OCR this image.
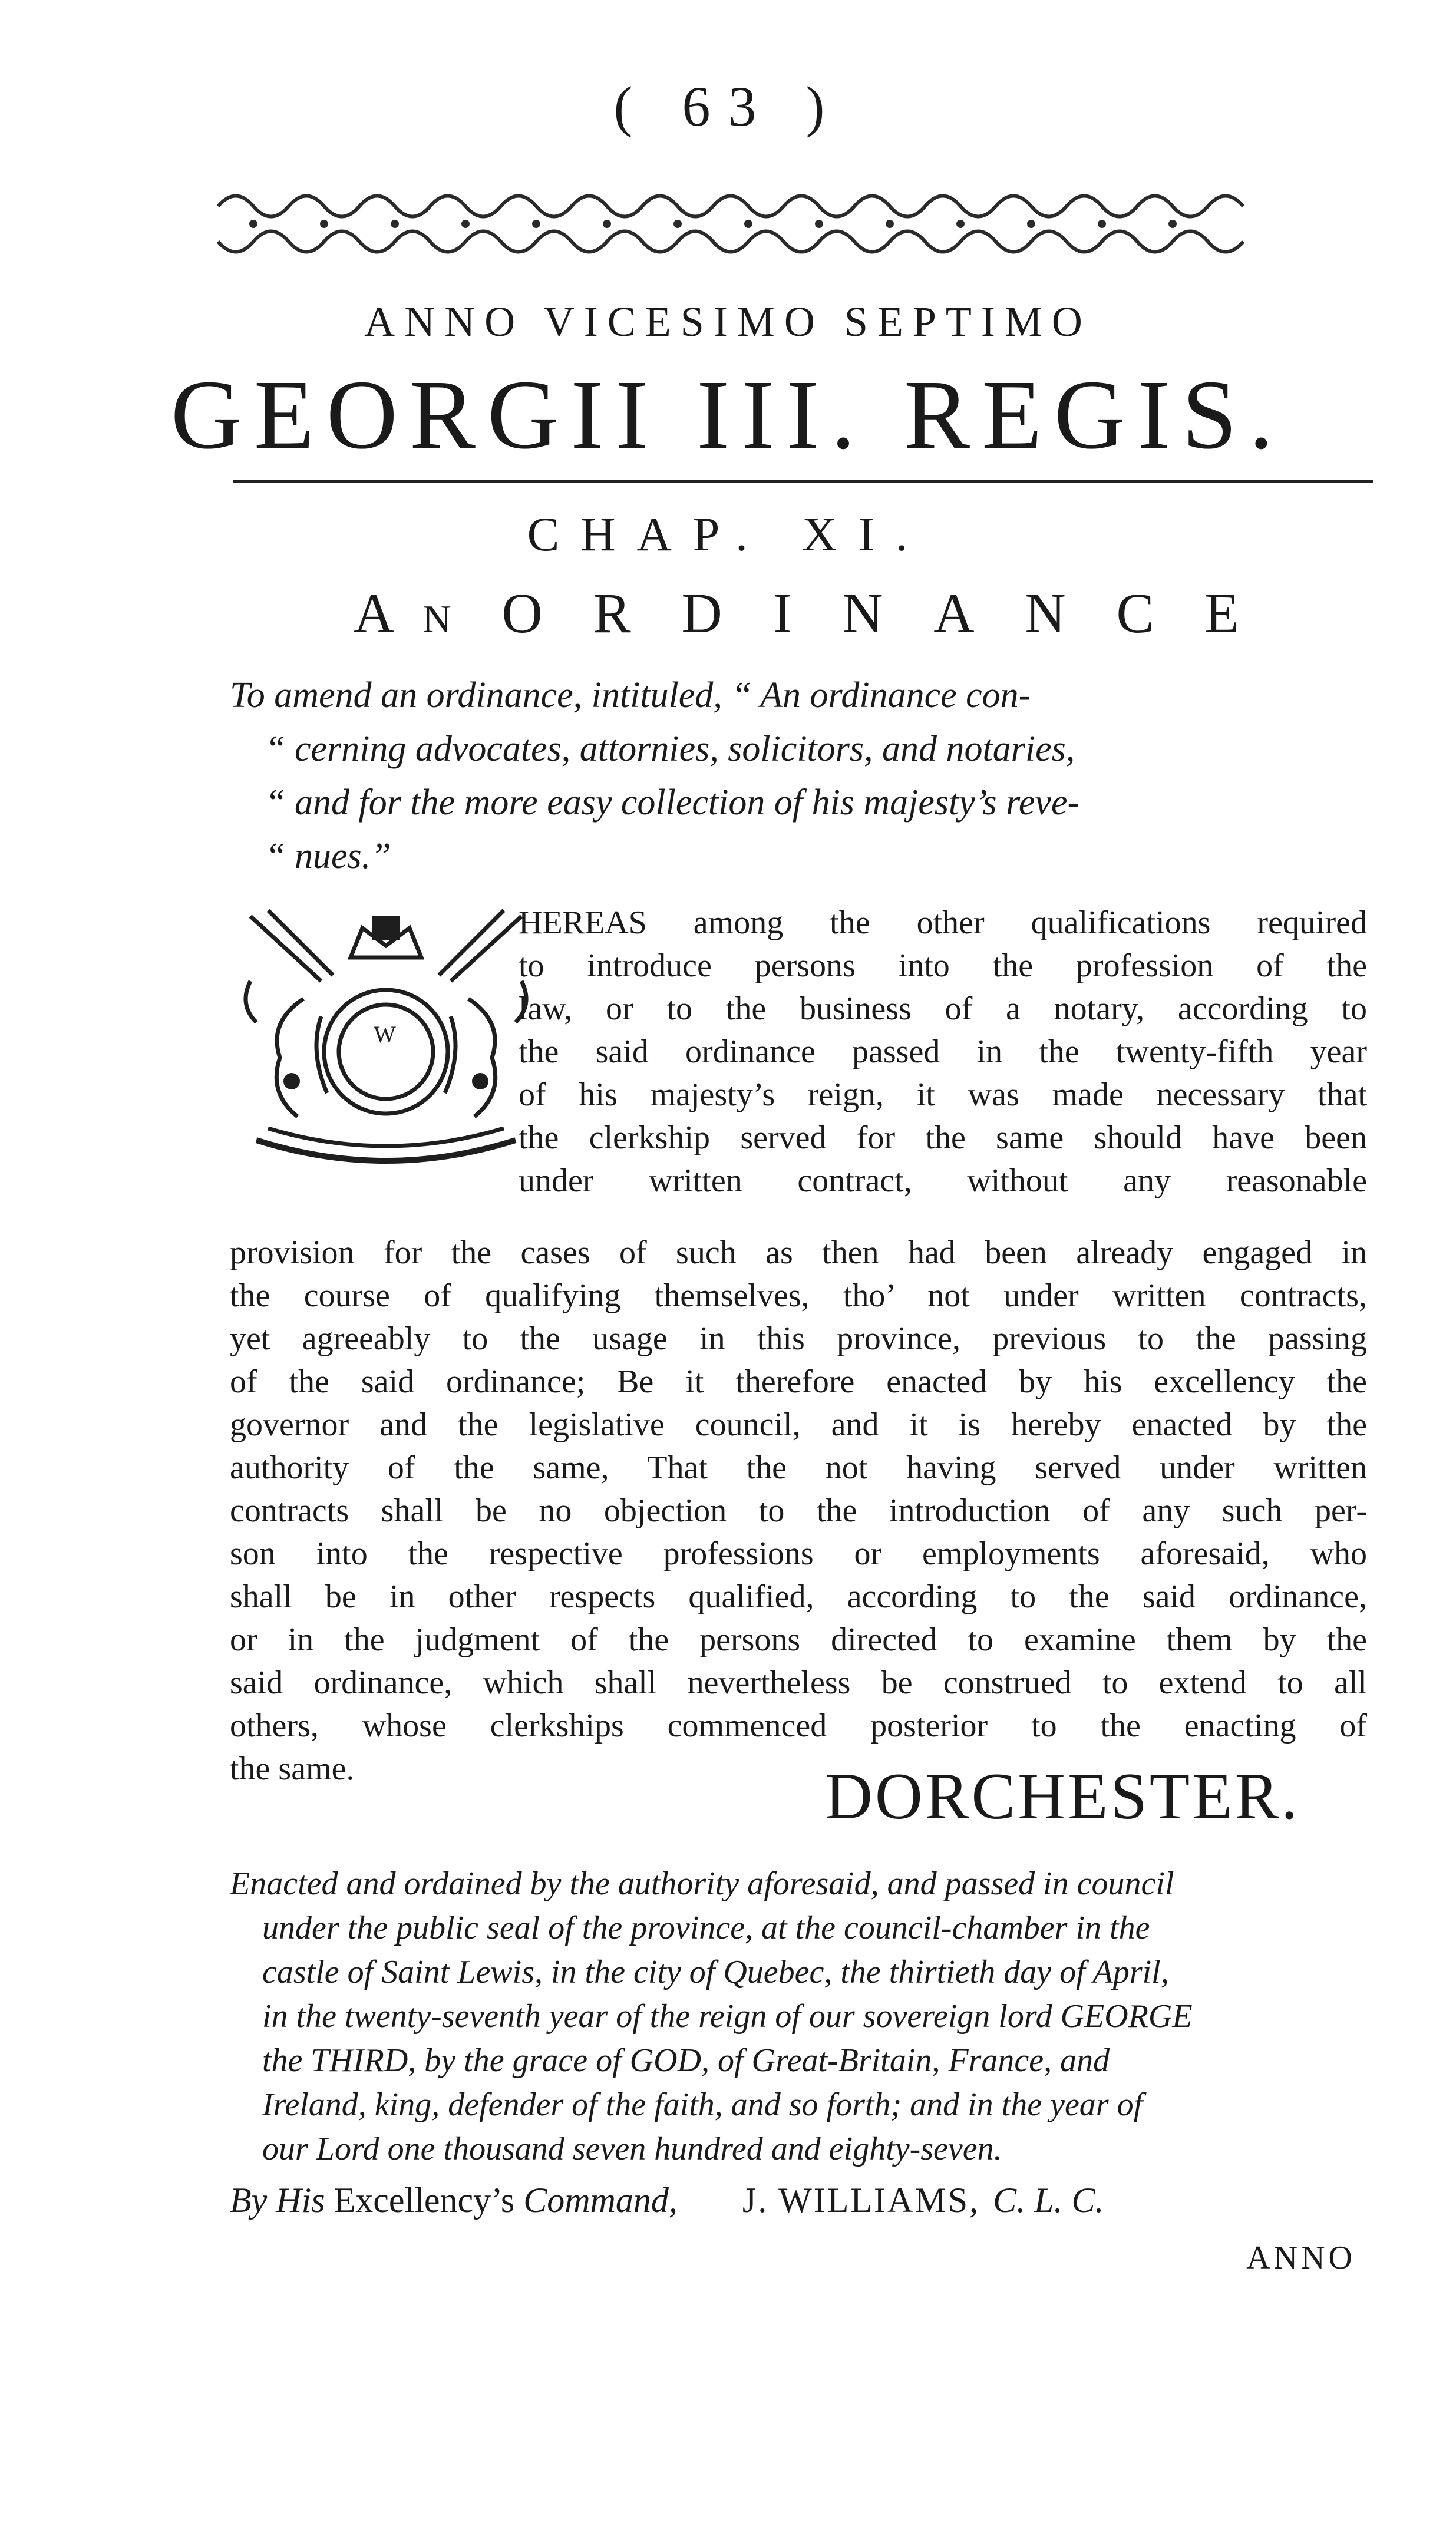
( 63 )
ANNO VICESIMO SEPTIMO
GEORGII III. REGIS.
CHAP. XI.
An O R D I N A N C E
To amend an ordinance, intituled, “ An ordinance con-
“ cerning advocates, attornies, solicitors, and notaries,
“ and for the more easy collection of his majesty’s reve-
“ nues.”
W
HEREAS among the other qualifications required
to introduce persons into the profession of the
law, or to the business of a notary, according to
the said ordinance passed in the twenty-fifth year
of his majesty’s reign, it was made necessary that
the clerkship served for the same should have been
under written contract, without any reasonable
provision for the cases of such as then had been already engaged in
the course of qualifying themselves, tho’ not under written contracts,
yet agreeably to the usage in this province, previous to the passing
of the said ordinance; Be it therefore enacted by his excellency the
governor and the legislative council, and it is hereby enacted by the
authority of the same, That the not having served under written
contracts shall be no objection to the introduction of any such per-
son into the respective professions or employments aforesaid, who
shall be in other respects qualified, according to the said ordinance,
or in the judgment of the persons directed to examine them by the
said ordinance, which shall nevertheless be construed to extend to all
others, whose clerkships commenced posterior to the enacting of
the same.	DORCHESTER.
Enacted and ordained by the authority aforesaid, and passed in council
under the public seal of the province, at the council-chamber in the
castle of Saint Lewis, in the city of Quebec, the thirtieth day of April,
in the twenty-seventh year of the reign of our sovereign lord GEORGE
the THIRD, by the grace of GOD, of Great-Britain, France, and
Ireland, king, defender of the faith, and so forth; and in the year of
our Lord one thousand seven hundred and eighty-seven.
By His
Excellency’s
Command, J. WILLIAMS, C. L. C.
ANNO
